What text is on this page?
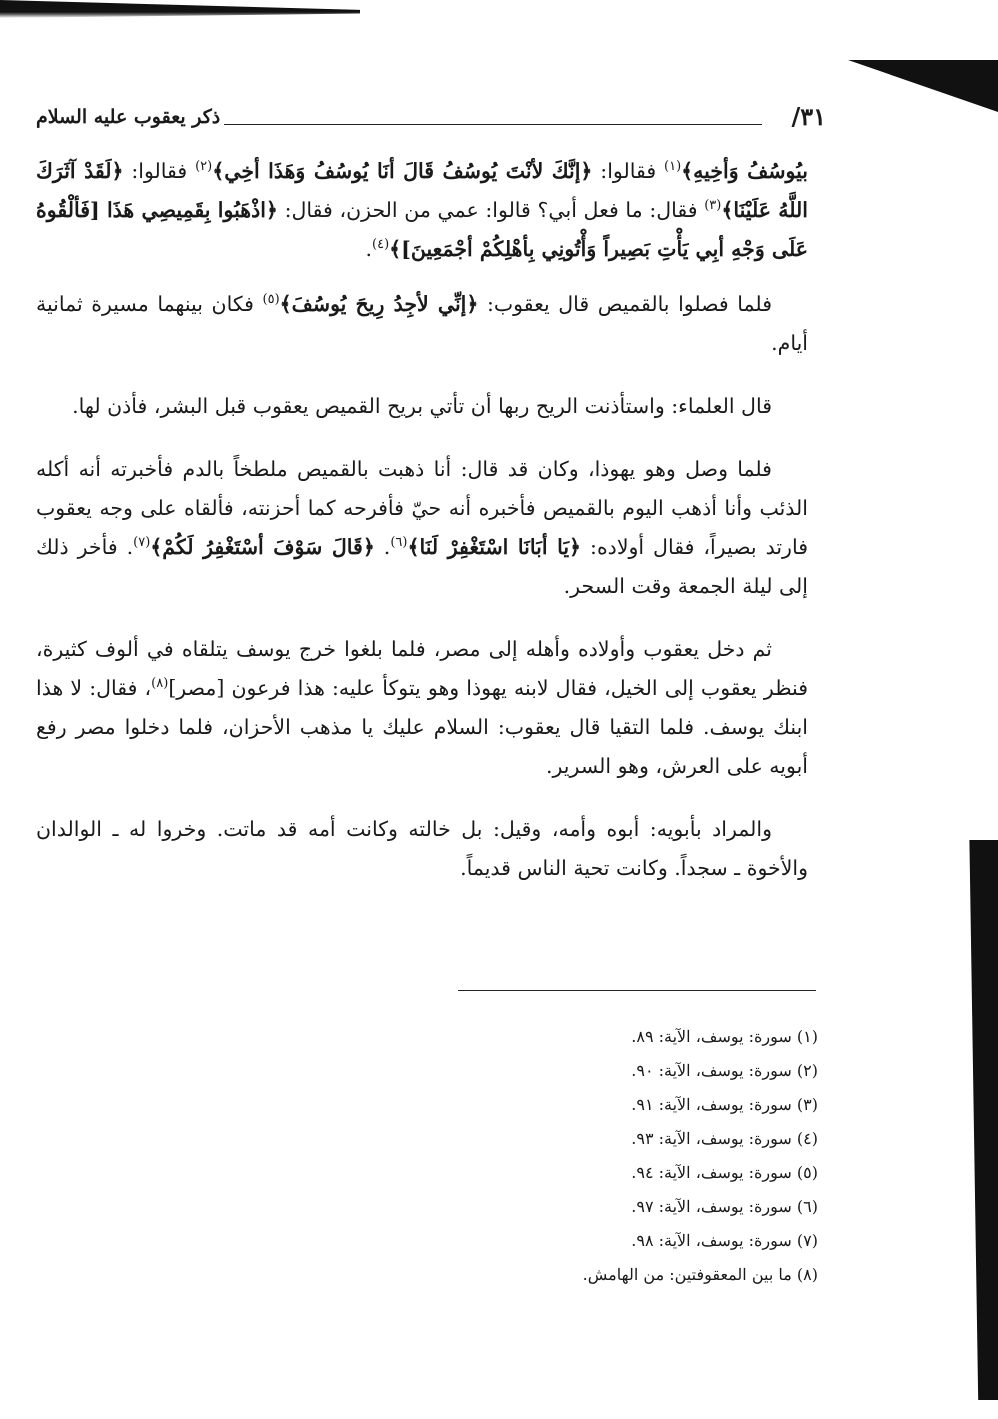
٣١/
ذكر يعقوب عليه السلام

بيُوسُفُ وَأخِيهِ﴾$^{(١)}$ فقالوا: ﴿إنَّكَ لأنْتَ يُوسُفُ قَالَ أنَا يُوسُفُ وَهَذَا أخِي﴾$^{(٢)}$ فقالوا: ﴿لَقَدْ آثَرَكَ اللَّهُ عَلَيْنَا﴾$^{(٣)}$ فقال: ما فعل أبي؟ قالوا: عمي من الحزن، فقال: ﴿اذْهَبُوا بِقَمِيصِي هَذَا [فَألْقُوهُ عَلَى وَجْهِ أبِي يَأْتِ بَصِيراً وَأْتُونِي بِأهْلِكُمْ أجْمَعِينَ]﴾$^{(٤)}$.

فلما فصلوا بالقميص قال يعقوب: ﴿إنِّي لأجِدُ رِيحَ يُوسُفَ﴾$^{(٥)}$ فكان بينهما مسيرة ثمانية أيام.

قال العلماء: واستأذنت الريح ربها أن تأتي بريح القميص يعقوب قبل البشر، فأذن لها.

فلما وصل وهو يهوذا، وكان قد قال: أنا ذهبت بالقميص ملطخاً بالدم فأخبرته أنه أكله الذئب وأنا أذهب اليوم بالقميص فأخبره أنه حيّ فأفرحه كما أحزنته، فألقاه على وجه يعقوب فارتد بصيراً، فقال أولاده: ﴿يَا أبَانَا اسْتَغْفِرْ لَنَا﴾$^{(٦)}$. ﴿قَالَ سَوْفَ أسْتَغْفِرُ لَكُمْ﴾$^{(٧)}$. فأخر ذلك إلى ليلة الجمعة وقت السحر.

ثم دخل يعقوب وأولاده وأهله إلى مصر، فلما بلغوا خرج يوسف يتلقاه في ألوف كثيرة، فنظر يعقوب إلى الخيل، فقال لابنه يهوذا وهو يتوكأ عليه: هذا فرعون [مصر]$^{(٨)}$، فقال: لا هذا ابنك يوسف. فلما التقيا قال يعقوب: السلام عليك يا مذهب الأحزان، فلما دخلوا مصر رفع أبويه على العرش، وهو السرير.

والمراد بأبويه: أبوه وأمه، وقيل: بل خالته وكانت أمه قد ماتت. وخروا له ـ الوالدان والأخوة ـ سجداً. وكانت تحية الناس قديماً.

(١) سورة: يوسف، الآية: ٨٩.
(٢) سورة: يوسف، الآية: ٩٠.
(٣) سورة: يوسف، الآية: ٩١.
(٤) سورة: يوسف، الآية: ٩٣.
(٥) سورة: يوسف، الآية: ٩٤.
(٦) سورة: يوسف، الآية: ٩٧.
(٧) سورة: يوسف، الآية: ٩٨.
(٨) ما بين المعقوفتين: من الهامش.
